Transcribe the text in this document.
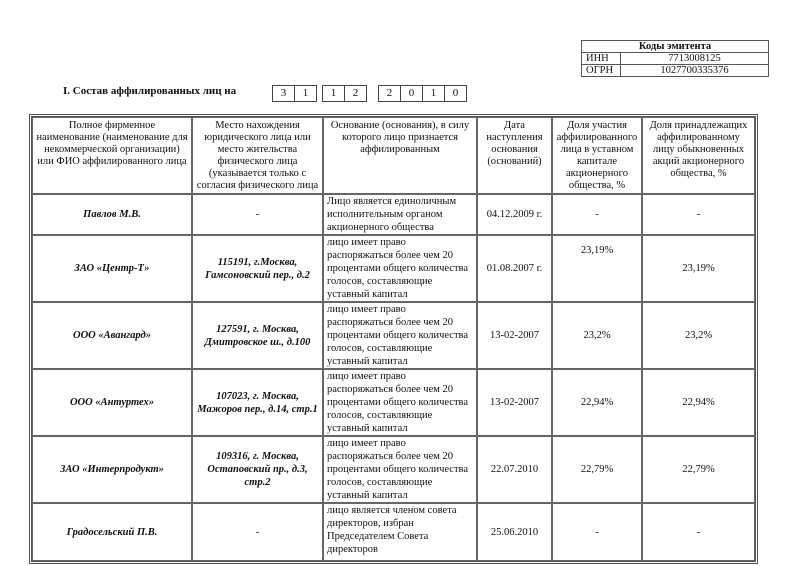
Коды эмитента	
ИНН	7713008125
ОГРН	1027700335376
I. Состав аффилированных лиц на	3	1	1	2	2	0	1	0
Полное фирменное наименование (наименование для некоммерческой организации) или ФИО аффилированного лица	Место нахождения юридического лица или место жительства физического лица (указывается только с согласия физического лица	Основание (основания), в силу которого лицо признается аффилированным	Дата наступления основания (оснований)	Доля участия аффилированного лица в уставном капитале акционерного общества, %	Доля принадлежащих аффилированному лицу обыкновенных акций акционерного общества, %
Павлов М.В.	-	Лицо является единоличным исполнительным органом акционерного общества	04.12.2009 г.	-	-
ЗАО «Центр-Т»	115191, г.Москва, Гамсоновский пер., д.2	лицо имеет право распоряжаться более чем 20 процентами общего количества голосов, составляющие уставный капитал	01.08.2007 г.	23,19%	23,19%
ООО «Авангард»	127591, г. Москва, Дмитровское ш., д.100	лицо имеет право распоряжаться более чем 20 процентами общего количества голосов, составляющие уставный капитал	13-02-2007	23,2%	23,2%
ООО «Антуртех»	107023, г. Москва, Мажоров пер., д.14, стр.1	лицо имеет право распоряжаться более чем 20 процентами общего количества голосов, составляющие уставный капитал	13-02-2007	22,94%	22,94%
ЗАО «Интерпродукт»	109316, г. Москва, Остаповский пр., д.3, стр.2	лицо имеет право распоряжаться более чем 20 процентами общего количества голосов, составляющие уставный капитал	22.07.2010	22,79%	22,79%
Градосельский П.В.	-	лицо является членом совета директоров, избран Председателем Совета директоров	25.06.2010	-	-
